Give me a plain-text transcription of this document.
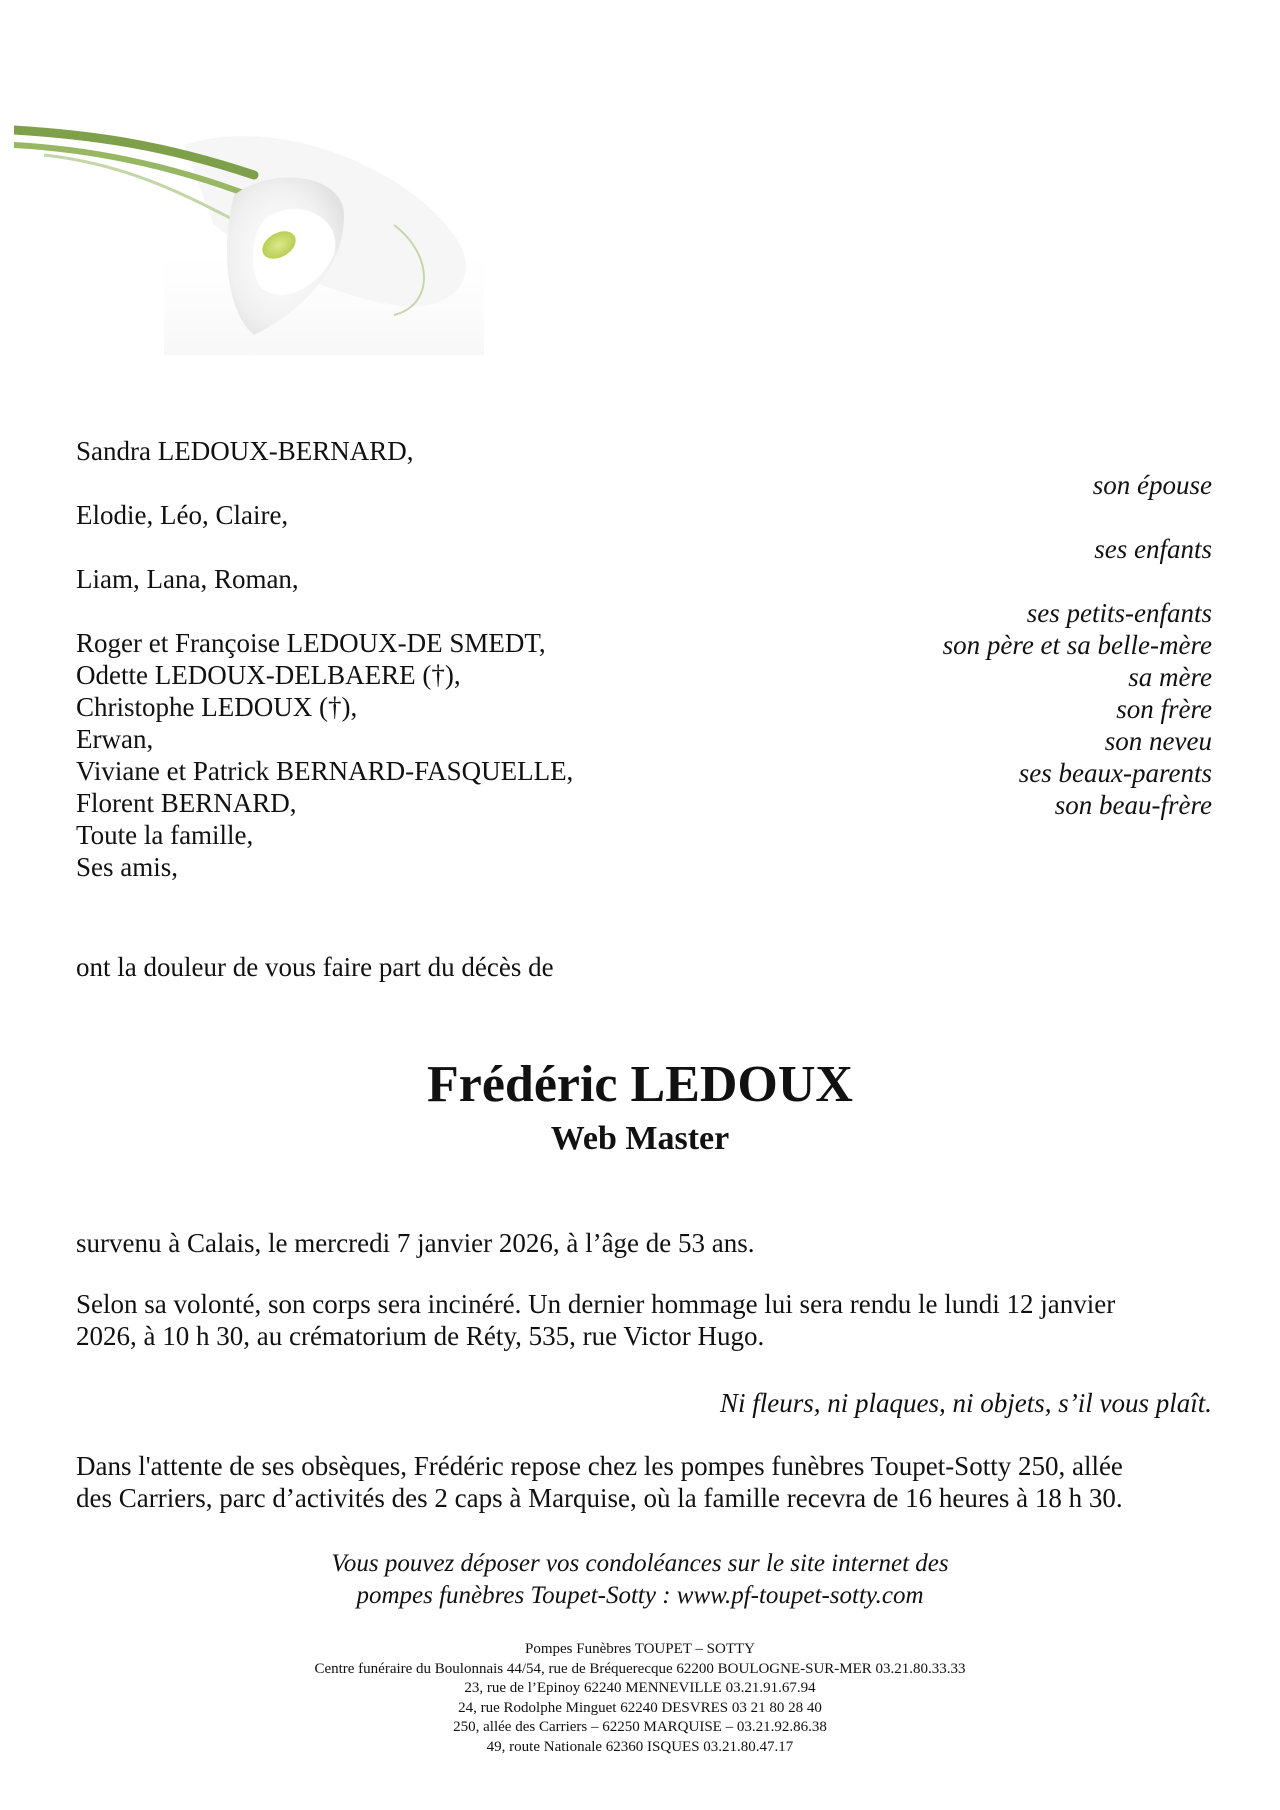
Sandra LEDOUX-BERNARD,
Elodie, Léo, Claire,
Liam, Lana, Roman,
Roger et Françoise LEDOUX-DE SMEDT,
Odette LEDOUX-DELBAERE (†),
Christophe LEDOUX (†),
Erwan,
Viviane et Patrick BERNARD-FASQUELLE,
Florent BERNARD,
Toute la famille,
Ses amis,
son épouse
ses enfants
ses petits-enfants
son père et sa belle-mère
sa mère
son frère
son neveu
ses beaux-parents
son beau-frère
ont la douleur de vous faire part du décès de
Frédéric LEDOUX
Web Master
survenu à Calais, le mercredi 7 janvier 2026, à l’âge de 53 ans.
Selon sa volonté, son corps sera incinéré. Un dernier hommage lui sera rendu le lundi 12 janvier
2026, à 10 h 30, au crématorium de Réty, 535, rue Victor Hugo.
Ni fleurs, ni plaques, ni objets, s’il vous plaît.
Dans l'attente de ses obsèques, Frédéric repose chez les pompes funèbres Toupet-Sotty 250, allée
des Carriers, parc d’activités des 2 caps à Marquise, où la famille recevra de 16 heures à 18 h 30.
Vous pouvez déposer vos condoléances sur le site internet des
pompes funèbres Toupet-Sotty : www.pf-toupet-sotty.com
Pompes Funèbres TOUPET – SOTTY
Centre funéraire du Boulonnais 44/54, rue de Bréquerecque 62200 BOULOGNE-SUR-MER 03.21.80.33.33
23, rue de l’Epinoy 62240 MENNEVILLE 03.21.91.67.94
24, rue Rodolphe Minguet 62240 DESVRES 03 21 80 28 40
250, allée des Carriers – 62250 MARQUISE – 03.21.92.86.38
49, route Nationale 62360 ISQUES 03.21.80.47.17
